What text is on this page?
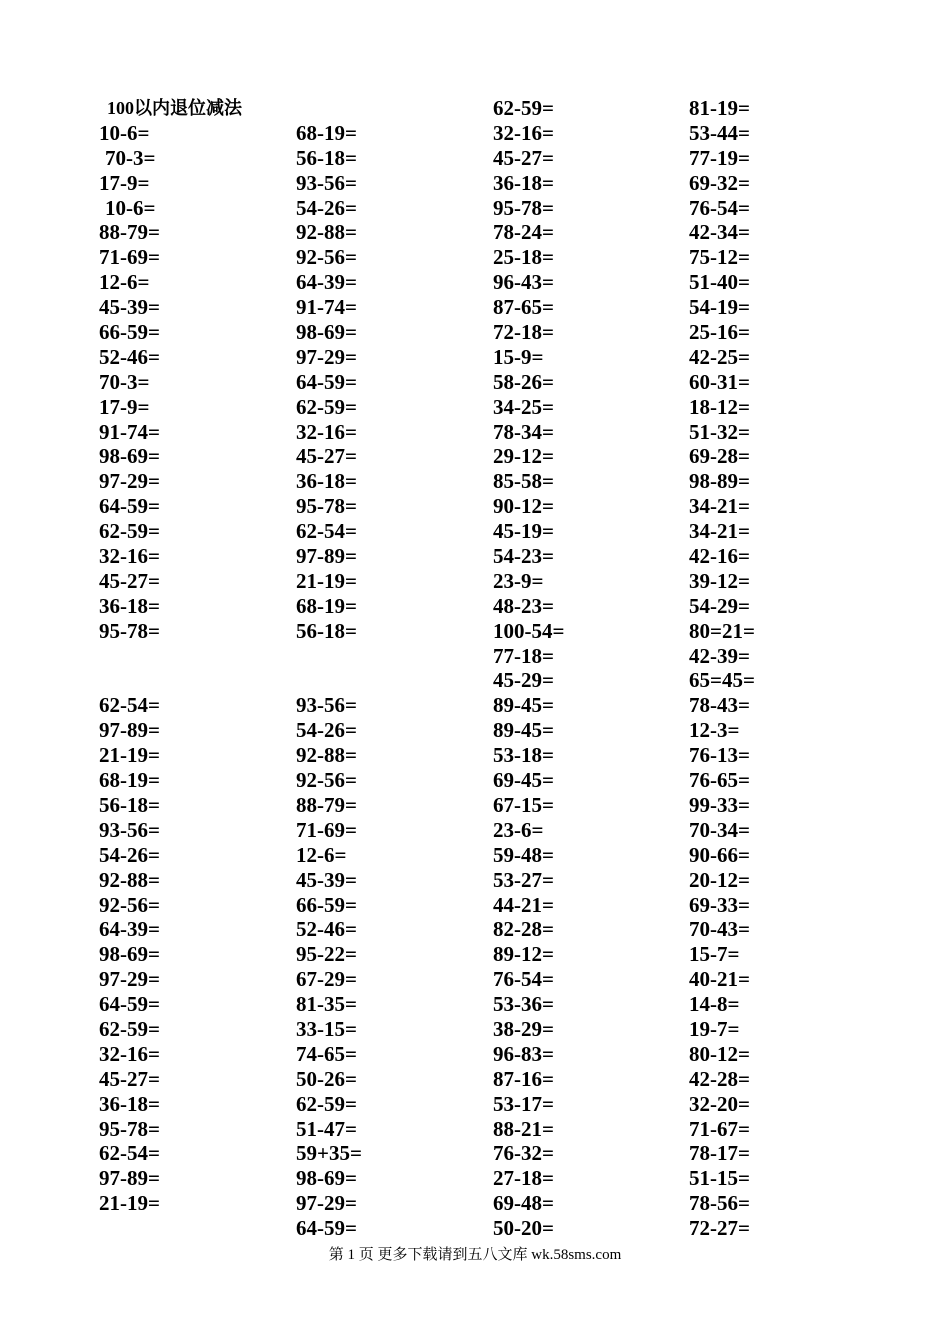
100以内退位减法
10-6=
70-3=
17-9=
10-6=
88-79=
71-69=
12-6=
45-39=
66-59=
52-46=
70-3=
17-9=
91-74=
98-69=
97-29=
64-59=
62-59=
32-16=
45-27=
36-18=
95-78=
62-54=
97-89=
21-19=
68-19=
56-18=
93-56=
54-26=
92-88=
92-56=
64-39=
98-69=
97-29=
64-59=
62-59=
32-16=
45-27=
36-18=
95-78=
62-54=
97-89=
21-19=
68-19=
56-18=
93-56=
54-26=
92-88=
92-56=
64-39=
91-74=
98-69=
97-29=
64-59=
62-59=
32-16=
45-27=
36-18=
95-78=
62-54=
97-89=
21-19=
68-19=
56-18=
93-56=
54-26=
92-88=
92-56=
88-79=
71-69=
12-6=
45-39=
66-59=
52-46=
95-22=
67-29=
81-35=
33-15=
74-65=
50-26=
62-59=
51-47=
59+35=
98-69=
97-29=
64-59=
62-59=
32-16=
45-27=
36-18=
95-78=
78-24=
25-18=
96-43=
87-65=
72-18=
15-9=
58-26=
34-25=
78-34=
29-12=
85-58=
90-12=
45-19=
54-23=
23-9=
48-23=
100-54=
77-18=
45-29=
89-45=
89-45=
53-18=
69-45=
67-15=
23-6=
59-48=
53-27=
44-21=
82-28=
89-12=
76-54=
53-36=
38-29=
96-83=
87-16=
53-17=
88-21=
76-32=
27-18=
69-48=
50-20=
81-19=
53-44=
77-19=
69-32=
76-54=
42-34=
75-12=
51-40=
54-19=
25-16=
42-25=
60-31=
18-12=
51-32=
69-28=
98-89=
34-21=
34-21=
42-16=
39-12=
54-29=
80=21=
42-39=
65=45=
78-43=
12-3=
76-13=
76-65=
99-33=
70-34=
90-66=
20-12=
69-33=
70-43=
15-7=
40-21=
14-8=
19-7=
80-12=
42-28=
32-20=
71-67=
78-17=
51-15=
78-56=
72-27=
第 1 页 更多下载请到五八文库 wk.58sms.com
